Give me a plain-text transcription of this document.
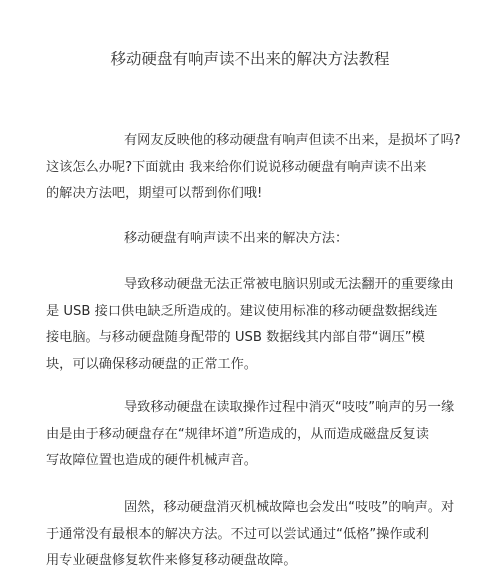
移动硬盘有响声读不出来的解决方法教程
有网友反映他的移动硬盘有响声但读不出来，是损坏了吗?
这该怎么办呢?下面就由 我来给你们说说移动硬盘有响声读不出来
的解决方法吧，期望可以帮到你们哦!
移动硬盘有响声读不出来的解决方法：
导致移动硬盘无法正常被电脑识别或无法翻开的重要缘由
是 USB 接口供电缺乏所造成的。建议使用标准的移动硬盘数据线连
接电脑。与移动硬盘随身配带的 USB 数据线其内部自带“调压”模
块，可以确保移动硬盘的正常工作。
导致移动硬盘在读取操作过程中消灭“吱吱”响声的另一缘
由是由于移动硬盘存在“规律坏道”所造成的，从而造成磁盘反复读
写故障位置也造成的硬件机械声音。
固然，移动硬盘消灭机械故障也会发出“吱吱”的响声。对
于通常没有最根本的解决方法。不过可以尝试通过“低格”操作或利
用专业硬盘修复软件来修复移动硬盘故障。
